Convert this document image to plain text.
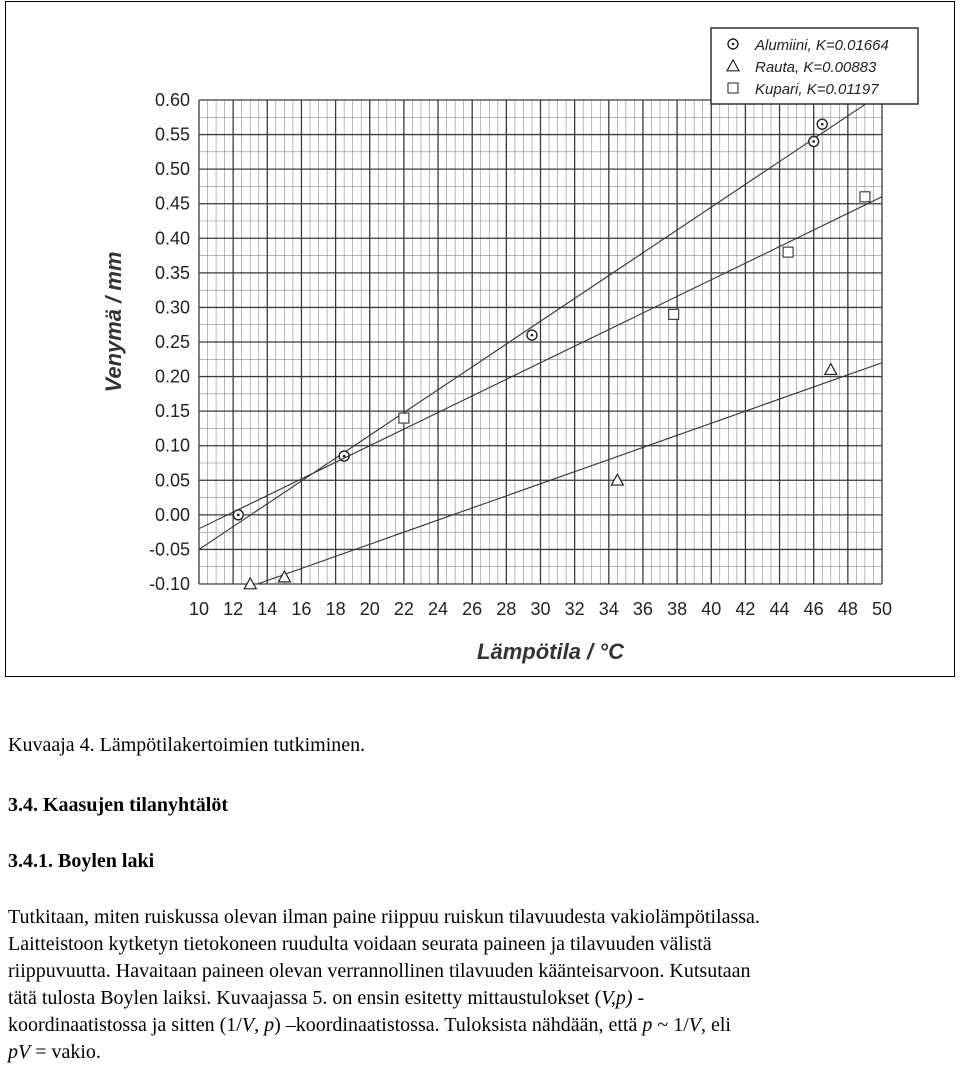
10 12 14 16 18 20 22 24 26 28 30 32 34 36 38 40 42 44 46 48 50
-0.10
-0.05
0.00
0.05
0.10
0.15
0.20
0.25
0.30
0.35
0.40
0.45
0.50
0.55
0.60
Lämpötila / °C
Venymä / mm
Alumiini, K=0.01664
Rauta, K=0.00883
Kupari, K=0.01197
Kuvaaja 4. Lämpötilakertoimien tutkiminen.
3.4. Kaasujen tilanyhtälöt
3.4.1. Boylen laki
Tutkitaan, miten ruiskussa olevan ilman paine riippuu ruiskun tilavuudesta vakiolämpötilassa.
Laitteistoon kytketyn tietokoneen ruudulta voidaan seurata paineen ja tilavuuden välistä
riippuvuutta. Havaitaan paineen olevan verrannollinen tilavuuden käänteisarvoon. Kutsutaan
tätä tulosta Boylen laiksi. Kuvaajassa 5. on ensin esitetty mittaustulokset (V,p) -
koordinaatistossa ja sitten (1/V, p) –koordinaatistossa. Tuloksista nähdään, että p ~ 1/V, eli
pV = vakio.
